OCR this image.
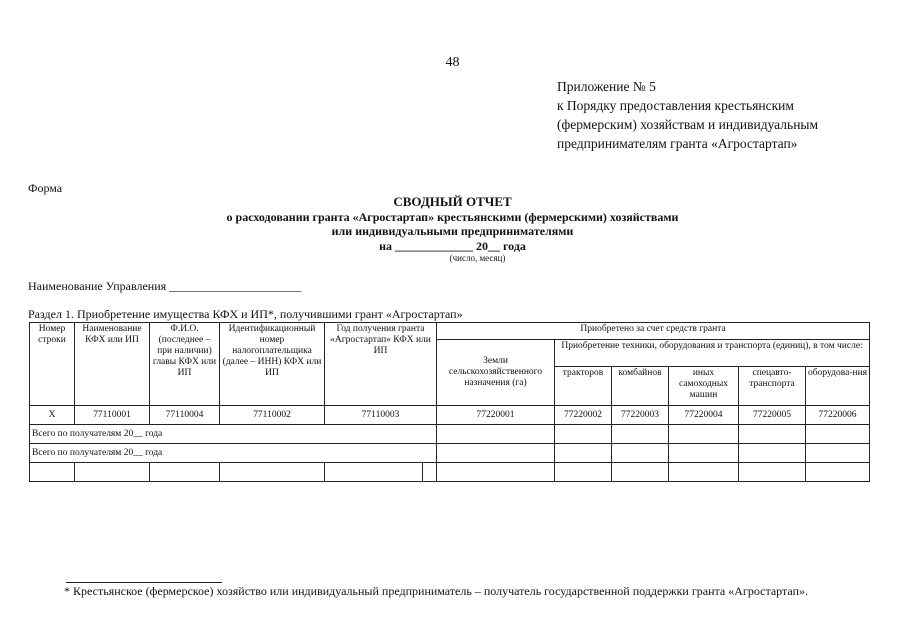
48
Приложение № 5
к Порядку предоставления крестьянским
(фермерским) хозяйствам и индивидуальным
предпринимателям гранта «Агростартап»
Форма
СВОДНЫЙ ОТЧЕТ
о расходовании гранта «Агростартап» крестьянскими (фермерскими) хозяйствами
или индивидуальными предпринимателями
на _____________ 20__ года
(число, месяц)
Наименование Управления ______________________
Раздел 1. Приобретение имущества КФХ и ИП*, получившими грант «Агростартап»
Номер строки	Наименование КФХ или ИП	Ф.И.О. (последнее – при наличии) главы КФХ или ИП	Идентификационный номер налогоплательщика (далее – ИНН) КФХ или ИП	Год получения гранта «Агростартап» КФХ или ИП		Приобретено за счет средств гранта					
						Земли сельскохозяйственного назначения (га)	Приобретение техники, оборудования и транспорта (единиц), в том числе:				
							тракторов	комбайнов	иных самоходных машин	спецавто-транспорта	оборудова-ния
X	77110001	77110004	77110002	77110003		77220001	77220002	77220003	77220004	77220005	77220006
Всего по получателям 20__ года											
Всего по получателям 20__ года											

* Крестьянское (фермерское) хозяйство или индивидуальный предприниматель – получатель государственной поддержки гранта «Агростартап».
